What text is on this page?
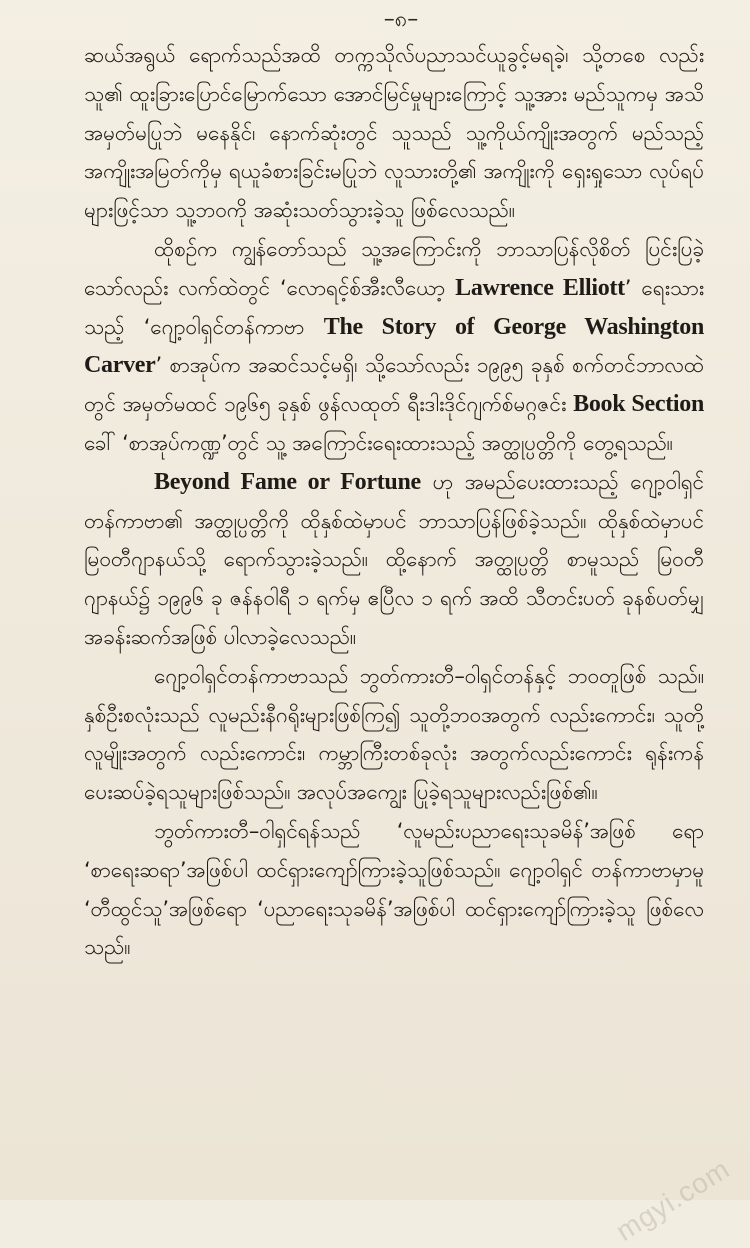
–၈–

ဆယ်အရွယ် ရောက်သည်အထိ တက္ကသိုလ်ပညာသင်ယူခွင့်မရခဲ့၊ သို့တစေ လည်း သူ၏ ထူးခြားပြောင်မြောက်သော အောင်မြင်မှုများကြောင့် သူ့အား မည်သူကမှ အသိအမှတ်မပြုဘဲ မနေနိုင်၊ နောက်ဆုံးတွင် သူသည် သူ့ကိုယ်ကျိုးအတွက် မည်သည့်အကျိုးအမြတ်ကိုမှ ရယူခံစားခြင်းမပြုဘဲ လူသားတို့၏ အကျိုးကို ရှေးရှုသော လုပ်ရပ်များဖြင့်သာ သူ့ဘဝကို အဆုံးသတ်သွားခဲ့သူ ဖြစ်လေသည်။

ထိုစဉ်က ကျွန်တော်သည် သူ့အကြောင်းကို ဘာသာပြန်လိုစိတ် ပြင်းပြခဲ့သော်လည်း လက်ထဲတွင် ‘လောရင့်စ်အီးလီယော့ Lawrence Elliott’ ရေးသားသည့် ‘ဂျော့ဝါရှင်တန်ကာဗာ The Story of George Washington Carver’ စာအုပ်က အဆင်သင့်မရှိ၊ သို့သော်လည်း ၁၉၉၅ ခုနှစ် စက်တင်ဘာလထဲတွင် အမှတ်မထင် ၁၉၆၅ ခုနှစ် ဖွန်လထုတ် ရီးဒါးဒိုင်ဂျက်စ်မဂ္ဂဇင်း Book Section ခေါ် ‘စာအုပ်ကဏ္ဍ’တွင် သူ့ အကြောင်းရေးထားသည့် အတ္ထုပ္ပတ္တိကို တွေ့ရသည်။

Beyond Fame or Fortune ဟု အမည်ပေးထားသည့် ဂျော့ဝါရှင် တန်ကာဗာ၏ အတ္ထုပ္ပတ္တိကို ထိုနှစ်ထဲမှာပင် ဘာသာပြန်ဖြစ်ခဲ့သည်။ ထိုနှစ်ထဲမှာပင် မြဝတီဂျာနယ်သို့ ရောက်သွားခဲ့သည်။ ထို့နောက် အတ္ထုပ္ပတ္တိ စာမူသည် မြဝတီဂျာနယ်၌ ၁၉၉၆ ခု ဇန်နဝါရီ ၁ ရက်မှ ဧပြီလ ၁ ရက် အထိ သီတင်းပတ် ခုနစ်ပတ်မျှ အခန်းဆက်အဖြစ် ပါလာခဲ့လေသည်။

ဂျော့ဝါရှင်တန်ကာဗာသည် ဘွတ်ကားတီ–ဝါရှင်တန်နှင့် ဘဝတူဖြစ် သည်။ နှစ်ဦးစလုံးသည် လူမည်းနီဂရိုးများဖြစ်ကြ၍ သူတို့ဘဝအတွက် လည်းကောင်း၊ သူတို့လူမျိုးအတွက် လည်းကောင်း၊ ကမ္ဘာကြီးတစ်ခုလုံး အတွက်လည်းကောင်း ရုန်းကန်ပေးဆပ်ခဲ့ရသူများဖြစ်သည်။ အလုပ်အကျွေး ပြုခဲ့ရသူများလည်းဖြစ်၏။

ဘွတ်ကားတီ–ဝါရှင်ရန်သည် ‘လူမည်းပညာရေးသုခမိန်’အဖြစ် ရော ‘စာရေးဆရာ’အဖြစ်ပါ ထင်ရှားကျော်ကြားခဲ့သူဖြစ်သည်။ ဂျော့ဝါရှင် တန်ကာဗာမှာမူ ‘တီထွင်သူ’အဖြစ်ရော ‘ပညာရေးသုခမိန်’အဖြစ်ပါ ထင်ရှားကျော်ကြားခဲ့သူ ဖြစ်လေသည်။

mgyi.com
